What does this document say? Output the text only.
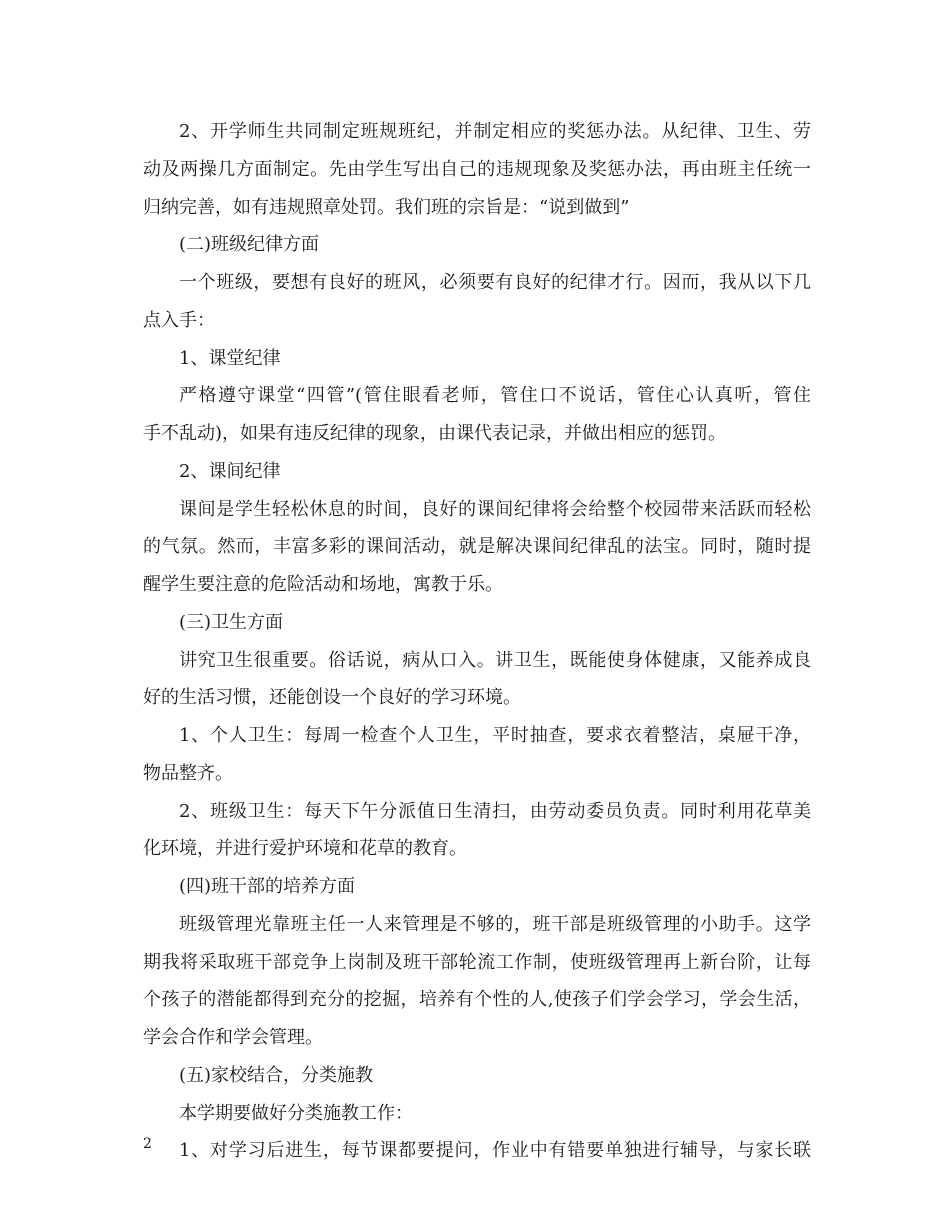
2、开学师生共同制定班规班纪，并制定相应的奖惩办法。从纪律、卫生、劳
动及两操几方面制定。先由学生写出自己的违规现象及奖惩办法，再由班主任统一
归纳完善，如有违规照章处罚。我们班的宗旨是：“说到做到”
(二)班级纪律方面
一个班级，要想有良好的班风，必须要有良好的纪律才行。因而，我从以下几
点入手：
1、课堂纪律
严格遵守课堂“四管”(管住眼看老师，管住口不说话，管住心认真听，管住
手不乱动)，如果有违反纪律的现象，由课代表记录，并做出相应的惩罚。
2、课间纪律
课间是学生轻松休息的时间，良好的课间纪律将会给整个校园带来活跃而轻松
的气氛。然而，丰富多彩的课间活动，就是解决课间纪律乱的法宝。同时，随时提
醒学生要注意的危险活动和场地，寓教于乐。
(三)卫生方面
讲究卫生很重要。俗话说，病从口入。讲卫生，既能使身体健康，又能养成良
好的生活习惯，还能创设一个良好的学习环境。
1、个人卫生：每周一检查个人卫生，平时抽查，要求衣着整洁，桌屉干净，
物品整齐。
2、班级卫生：每天下午分派值日生清扫，由劳动委员负责。同时利用花草美
化环境，并进行爱护环境和花草的教育。
(四)班干部的培养方面
班级管理光靠班主任一人来管理是不够的，班干部是班级管理的小助手。这学
期我将采取班干部竞争上岗制及班干部轮流工作制，使班级管理再上新台阶，让每
个孩子的潜能都得到充分的挖掘，培养有个性的人,使孩子们学会学习，学会生活，
学会合作和学会管理。
(五)家校结合，分类施教
本学期要做好分类施教工作：
1、对学习后进生，每节课都要提问，作业中有错要单独进行辅导，与家长联
2
